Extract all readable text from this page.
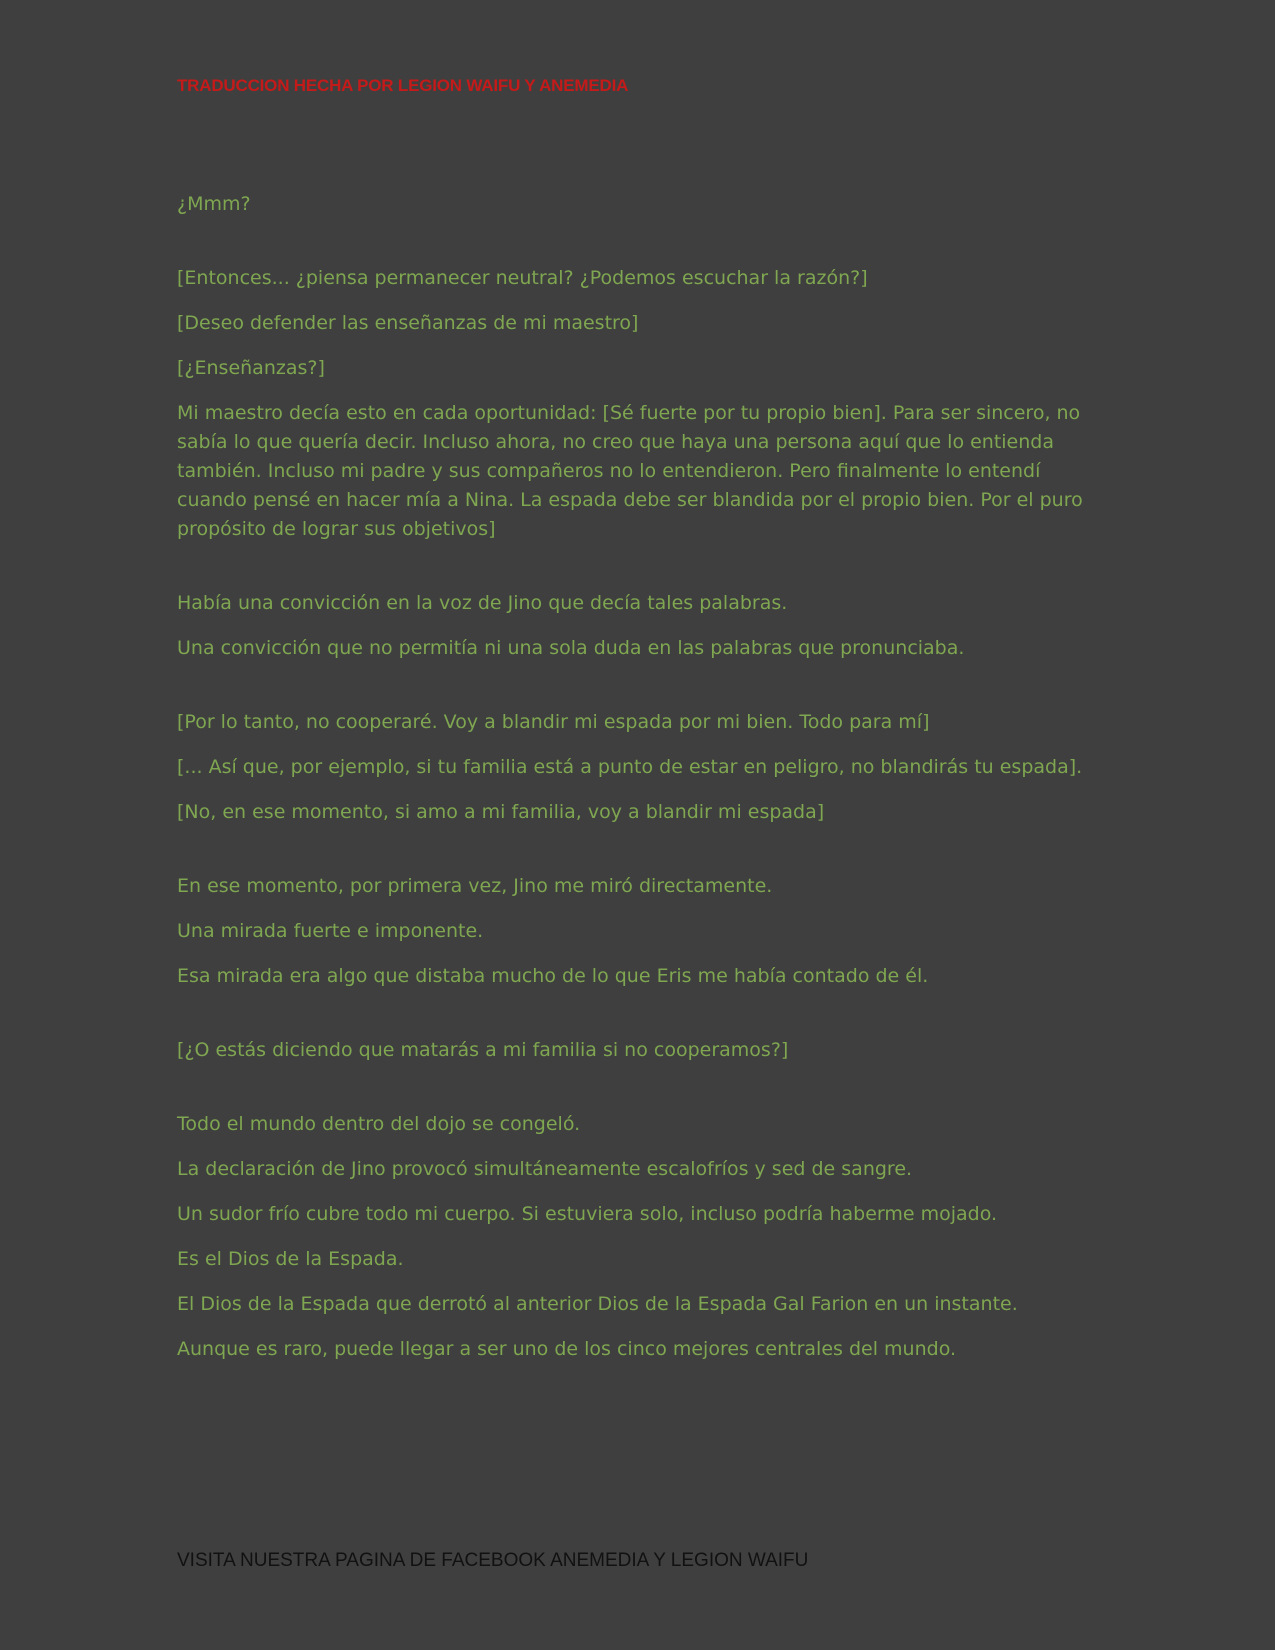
TRADUCCION HECHA POR LEGION WAIFU Y ANEMEDIA

¿Mmm?

[Entonces... ¿piensa permanecer neutral? ¿Podemos escuchar la razón?]

[Deseo defender las enseñanzas de mi maestro]

[¿Enseñanzas?]

Mi maestro decía esto en cada oportunidad: [Sé fuerte por tu propio bien]. Para ser sincero, no sabía lo que quería decir. Incluso ahora, no creo que haya una persona aquí que lo entienda también. Incluso mi padre y sus compañeros no lo entendieron. Pero finalmente lo entendí cuando pensé en hacer mía a Nina. La espada debe ser blandida por el propio bien. Por el puro propósito de lograr sus objetivos]

Había una convicción en la voz de Jino que decía tales palabras.

Una convicción que no permitía ni una sola duda en las palabras que pronunciaba.

[Por lo tanto, no cooperaré. Voy a blandir mi espada por mi bien. Todo para mí]

[... Así que, por ejemplo, si tu familia está a punto de estar en peligro, no blandirás tu espada].

[No, en ese momento, si amo a mi familia, voy a blandir mi espada]

En ese momento, por primera vez, Jino me miró directamente.

Una mirada fuerte e imponente.

Esa mirada era algo que distaba mucho de lo que Eris me había contado de él.

[¿O estás diciendo que matarás a mi familia si no cooperamos?]

Todo el mundo dentro del dojo se congeló.

La declaración de Jino provocó simultáneamente escalofríos y sed de sangre.

Un sudor frío cubre todo mi cuerpo. Si estuviera solo, incluso podría haberme mojado.

Es el Dios de la Espada.

El Dios de la Espada que derrotó al anterior Dios de la Espada Gal Farion en un instante.

Aunque es raro, puede llegar a ser uno de los cinco mejores centrales del mundo.

VISITA NUESTRA PAGINA DE FACEBOOK ANEMEDIA Y LEGION WAIFU
